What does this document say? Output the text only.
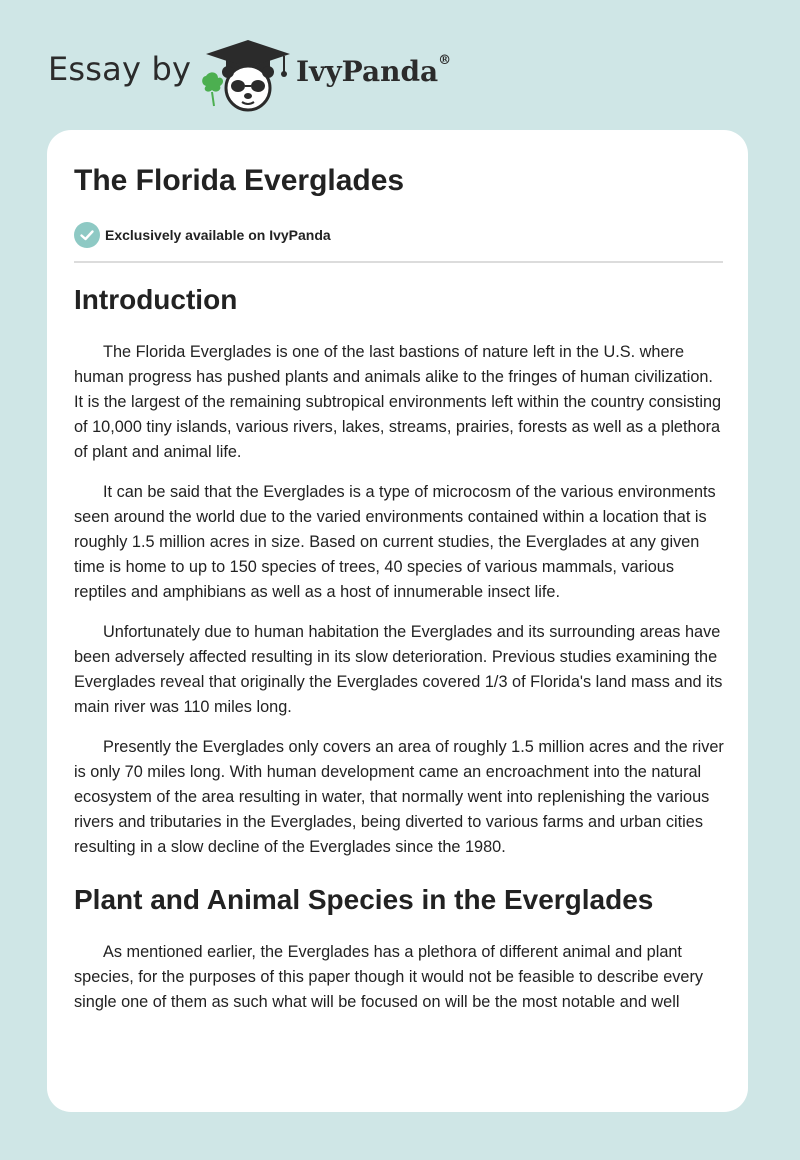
Essay by	IvyPanda®
The Florida Everglades
Exclusively available on IvyPanda
Introduction

The Florida Everglades is one of the last bastions of nature left in the U.S. where human progress has pushed plants and animals alike to the fringes of human civilization. It is the largest of the remaining subtropical environments left within the country consisting of 10,000 tiny islands, various rivers, lakes, streams, prairies, forests as well as a plethora of plant and animal life.

It can be said that the Everglades is a type of microcosm of the various environments seen around the world due to the varied environments contained within a location that is roughly 1.5 million acres in size. Based on current studies, the Everglades at any given time is home to up to 150 species of trees, 40 species of various mammals, various reptiles and amphibians as well as a host of innumerable insect life.

Unfortunately due to human habitation the Everglades and its surrounding areas have been adversely affected resulting in its slow deterioration. Previous studies examining the Everglades reveal that originally the Everglades covered 1/3 of Florida's land mass and its main river was 110 miles long.

Presently the Everglades only covers an area of roughly 1.5 million acres and the river is only 70 miles long. With human development came an encroachment into the natural ecosystem of the area resulting in water, that normally went into replenishing the various rivers and tributaries in the Everglades, being diverted to various farms and urban cities resulting in a slow decline of the Everglades since the 1980.

Plant and Animal Species in the Everglades

As mentioned earlier, the Everglades has a plethora of different animal and plant species, for the purposes of this paper though it would not be feasible to describe every single one of them as such what will be focused on will be the most notable and well
